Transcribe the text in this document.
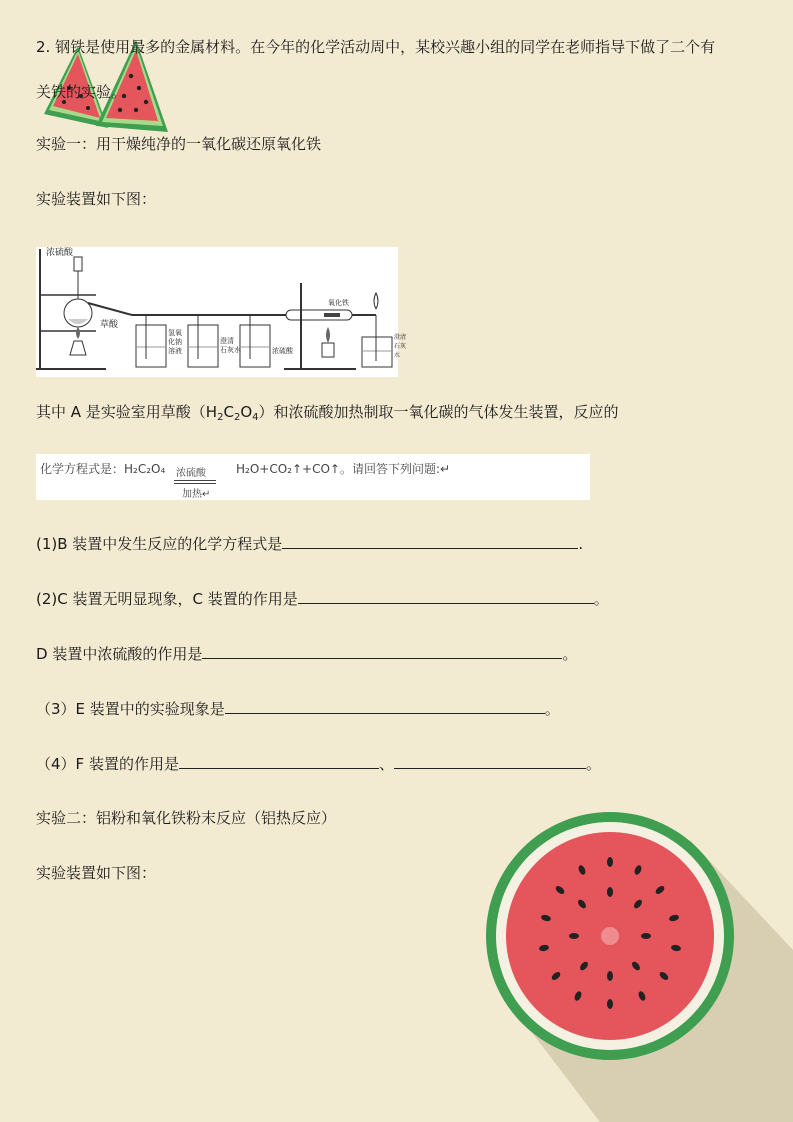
2. 钢铁是使用最多的金属材料。在今年的化学活动周中，某校兴趣小组的同学在老师指导下做了二个有
关铁的实验。
实验一：用干燥纯净的一氧化碳还原氧化铁
实验装置如下图：
浓硫酸
草酸
氢氧
化钠
溶液
澄清
石灰水	浓硫酸
氧化铁
澄清
石灰
水
其中 A 是实验室用草酸$(H_2C_2O_4)$和浓硫酸加热制取一氧化碳的气体发生装置，反应的
化学方程式是：H₂C₂O₄ 浓硫酸
加热↵
H₂O+CO₂↑+CO↑。请回答下列问题:↵
(1)B 装置中发生反应的化学方程式是	.
(2)C 装置无明显现象，C 装置的作用是	。
D 装置中浓硫酸的作用是	。
（3）E 装置中的实验现象是	。
（4）F 装置的作用是	、	。
实验二：铝粉和氧化铁粉末反应（铝热反应）
实验装置如下图：
